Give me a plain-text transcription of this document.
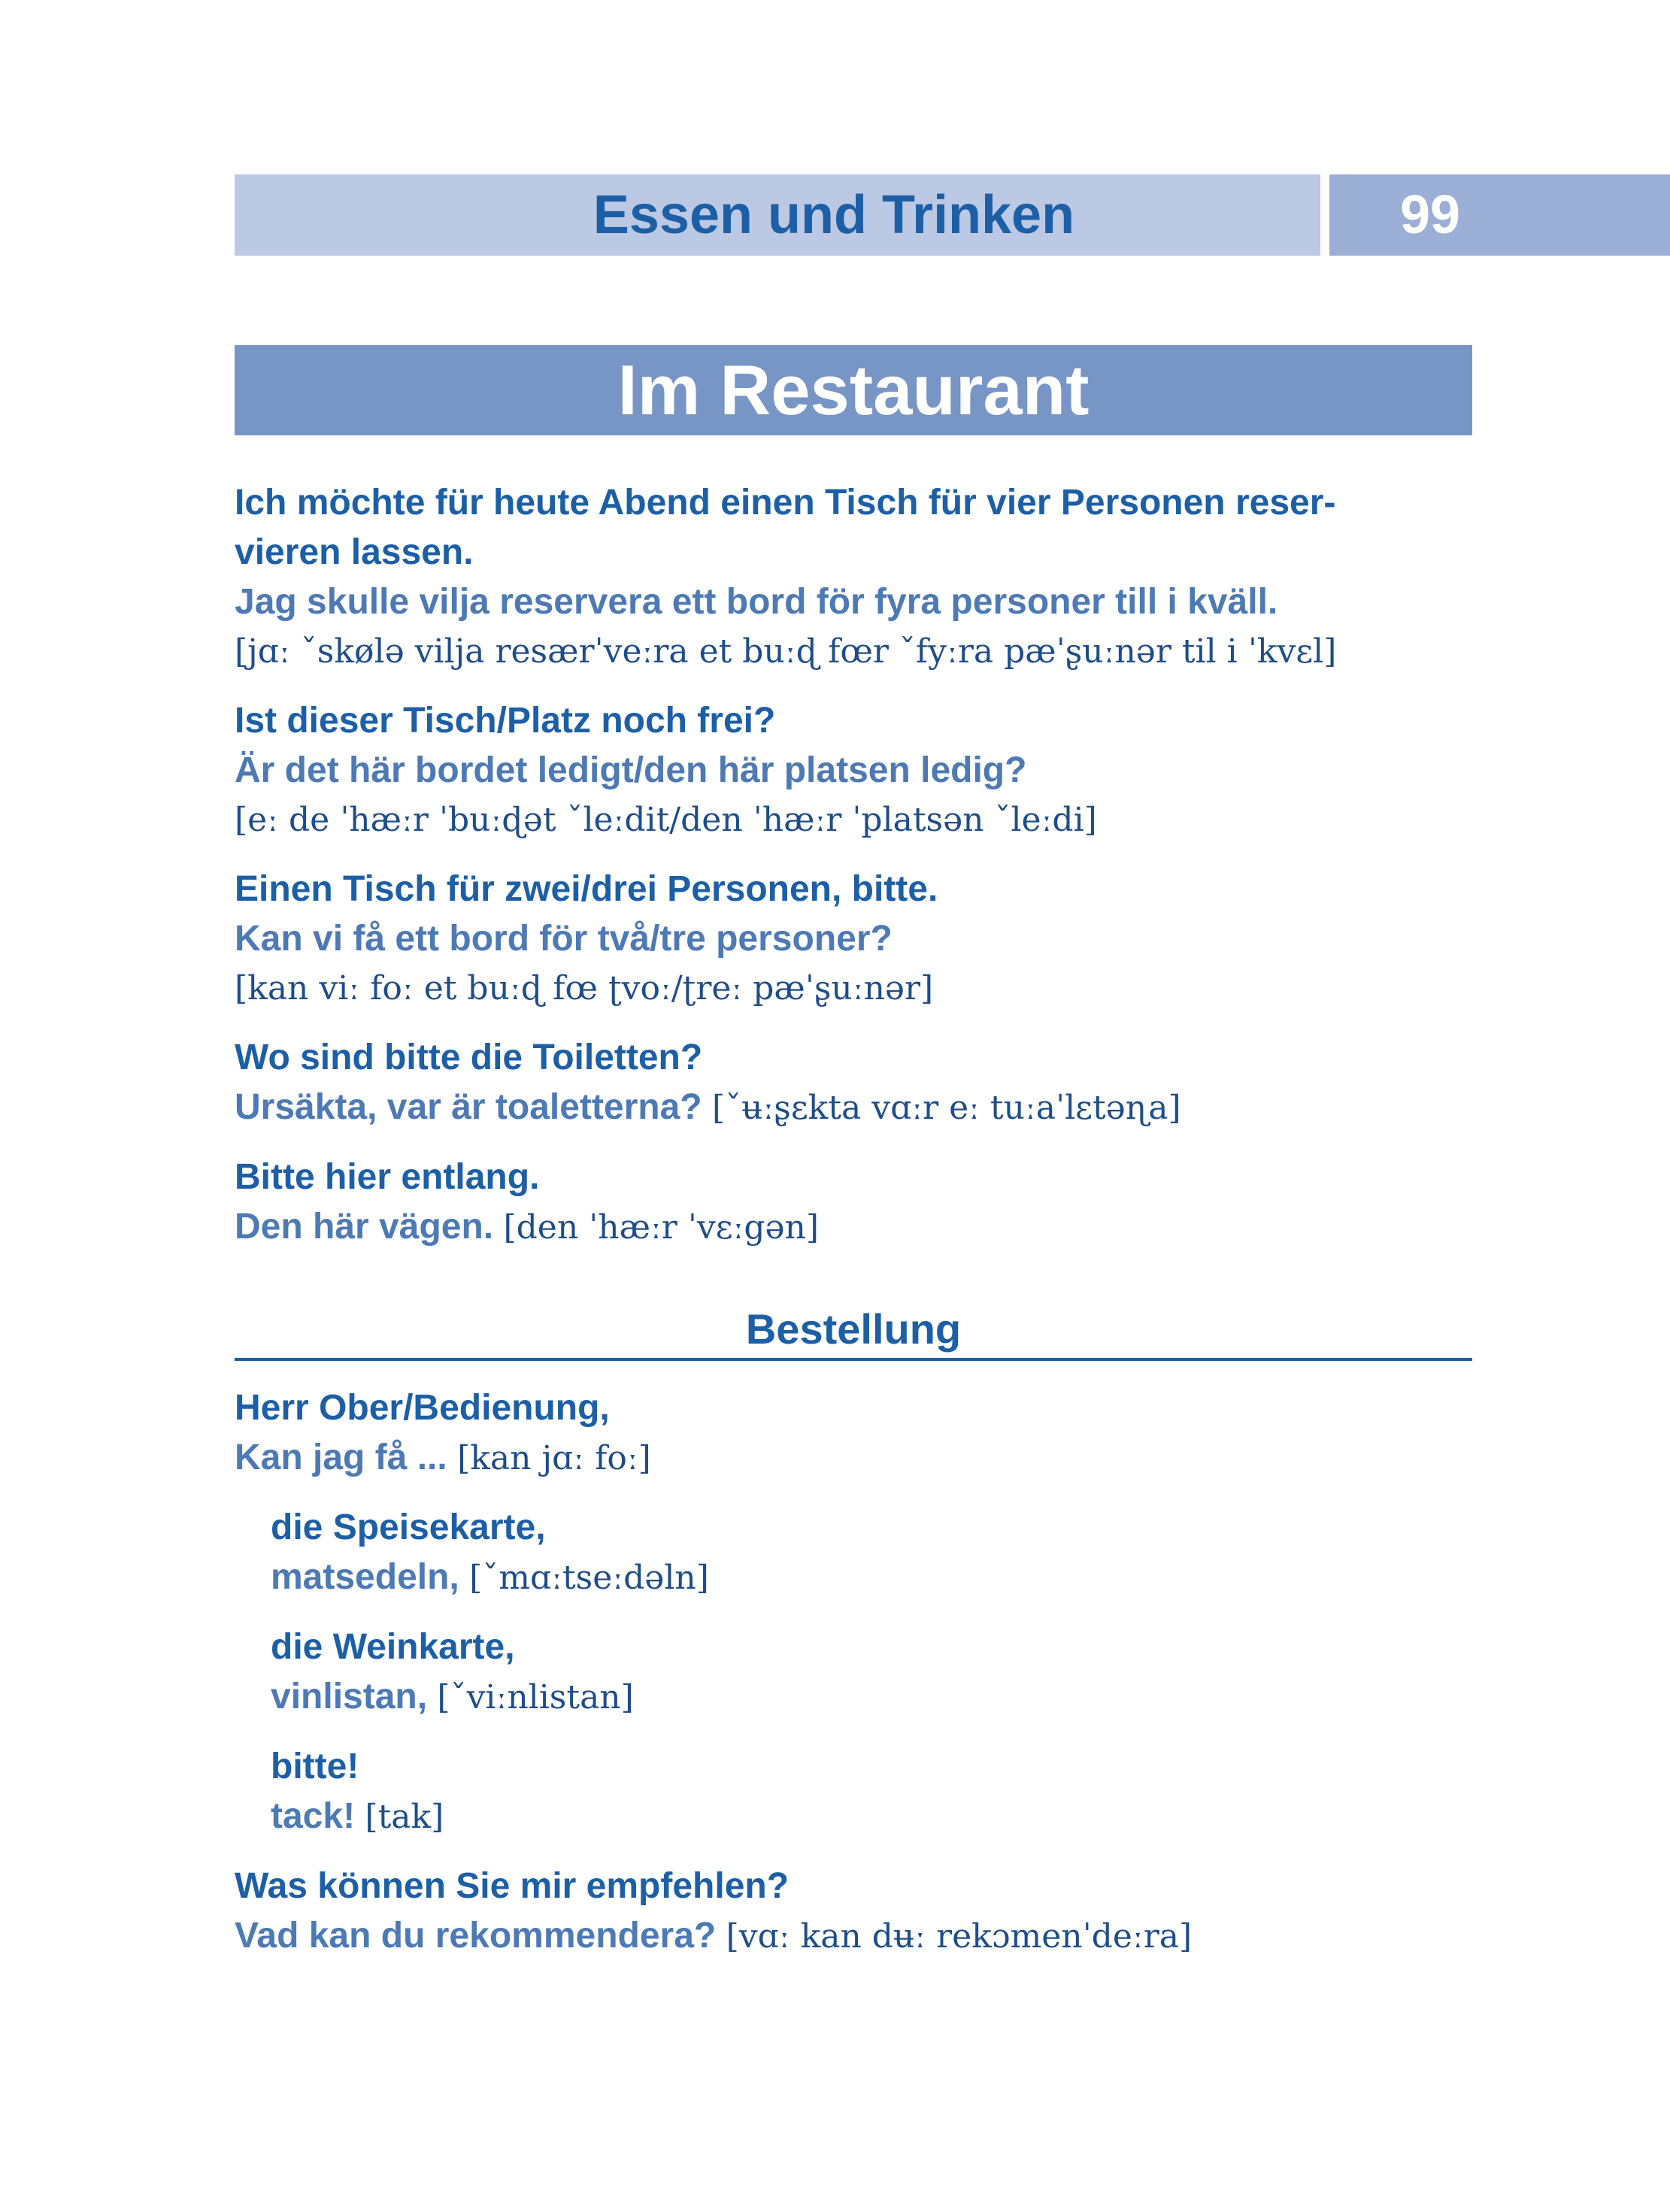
Essen und Trinken	99
Im Restaurant
Ich möchte für heute Abend einen Tisch für vier Personen reser-
vieren lassen.
Jag skulle vilja reservera ett bord för fyra personer till i kväll.
[jɑː ˇskølə vilja resærˈveːra et buːɖ fœr ˇfyːra pæˈʂuːnər til i ˈkvɛl]
Ist dieser Tisch/Platz noch frei?
Är det här bordet ledigt/den här platsen ledig?
[eː de ˈhæːr ˈbuːɖət ˇleːdit/den ˈhæːr ˈplatsən ˇleːdi]
Einen Tisch für zwei/drei Personen, bitte.
Kan vi få ett bord för två/tre personer?
[kan viː foː et buːɖ fœ ʈvoː/ʈreː pæˈʂuːnər]
Wo sind bitte die Toiletten?
Ursäkta, var är toaletterna? [ˇʉːʂɛkta vɑːr eː tuːaˈlɛtəɳa]
Bitte hier entlang.
Den här vägen. [den ˈhæːr ˈvɛːgən]
Bestellung
Herr Ober/Bedienung,
Kan jag få ... [kan jɑː foː]
die Speisekarte,
matsedeln, [ˇmɑːtseːdəln]
die Weinkarte,
vinlistan, [ˇviːnlistan]
bitte!
tack! [tak]
Was können Sie mir empfehlen?
Vad kan du rekommendera? [vɑː kan dʉː rekɔmenˈdeːra]
